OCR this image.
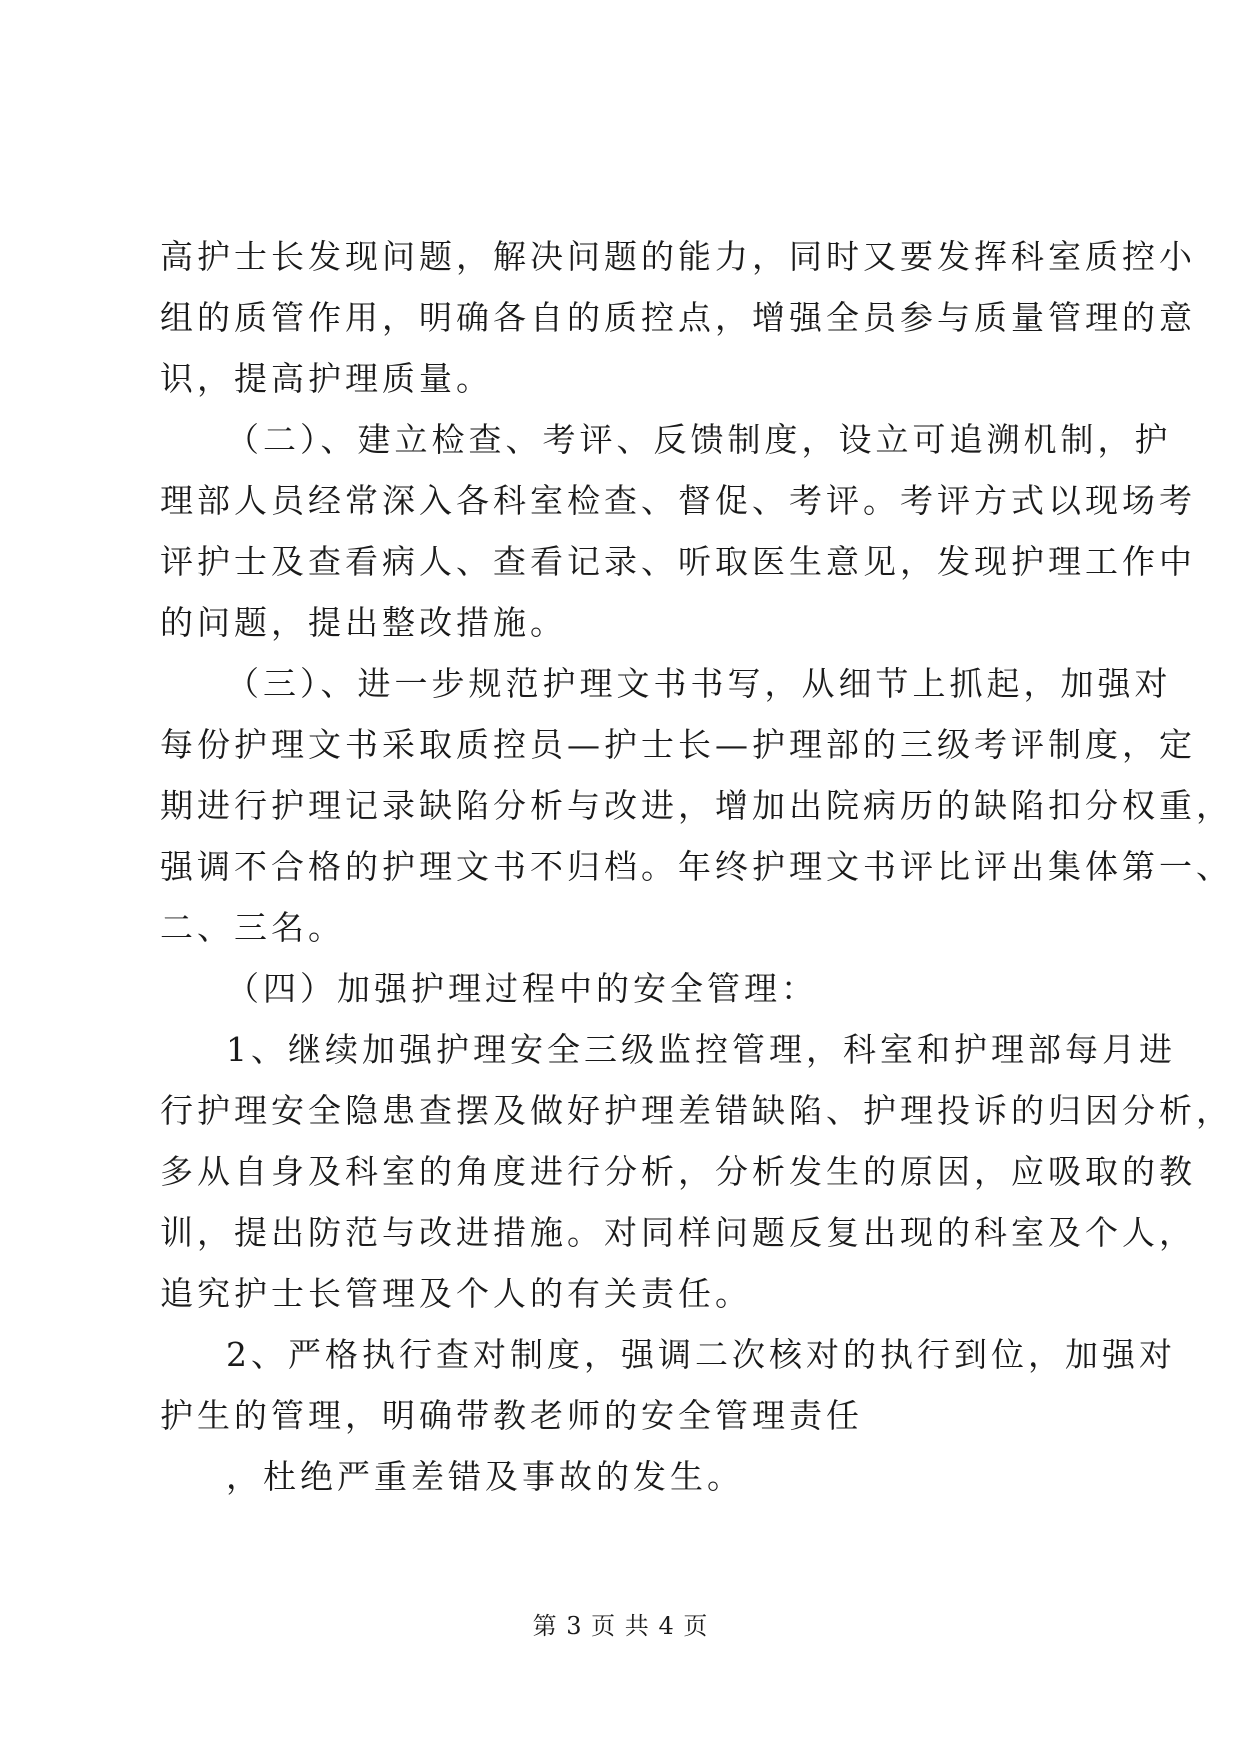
高护士长发现问题，解决问题的能力，同时又要发挥科室质控小
组的质管作用，明确各自的质控点，增强全员参与质量管理的意
识，提高护理质量。
（二）、建立检查、考评、反馈制度，设立可追溯机制，护
理部人员经常深入各科室检查、督促、考评。考评方式以现场考
评护士及查看病人、查看记录、听取医生意见，发现护理工作中
的问题，提出整改措施。
（三）、进一步规范护理文书书写，从细节上抓起，加强对
每份护理文书采取质控员—护士长—护理部的三级考评制度，定
期进行护理记录缺陷分析与改进，增加出院病历的缺陷扣分权重，
强调不合格的护理文书不归档。年终护理文书评比评出集体第一、
二、三名。
（四）加强护理过程中的安全管理：
1、继续加强护理安全三级监控管理，科室和护理部每月进
行护理安全隐患查摆及做好护理差错缺陷、护理投诉的归因分析，
多从自身及科室的角度进行分析，分析发生的原因，应吸取的教
训，提出防范与改进措施。对同样问题反复出现的科室及个人，
追究护士长管理及个人的有关责任。
2、严格执行查对制度，强调二次核对的执行到位，加强对
护生的管理，明确带教老师的安全管理责任
，杜绝严重差错及事故的发生。
第 3 页 共 4 页
